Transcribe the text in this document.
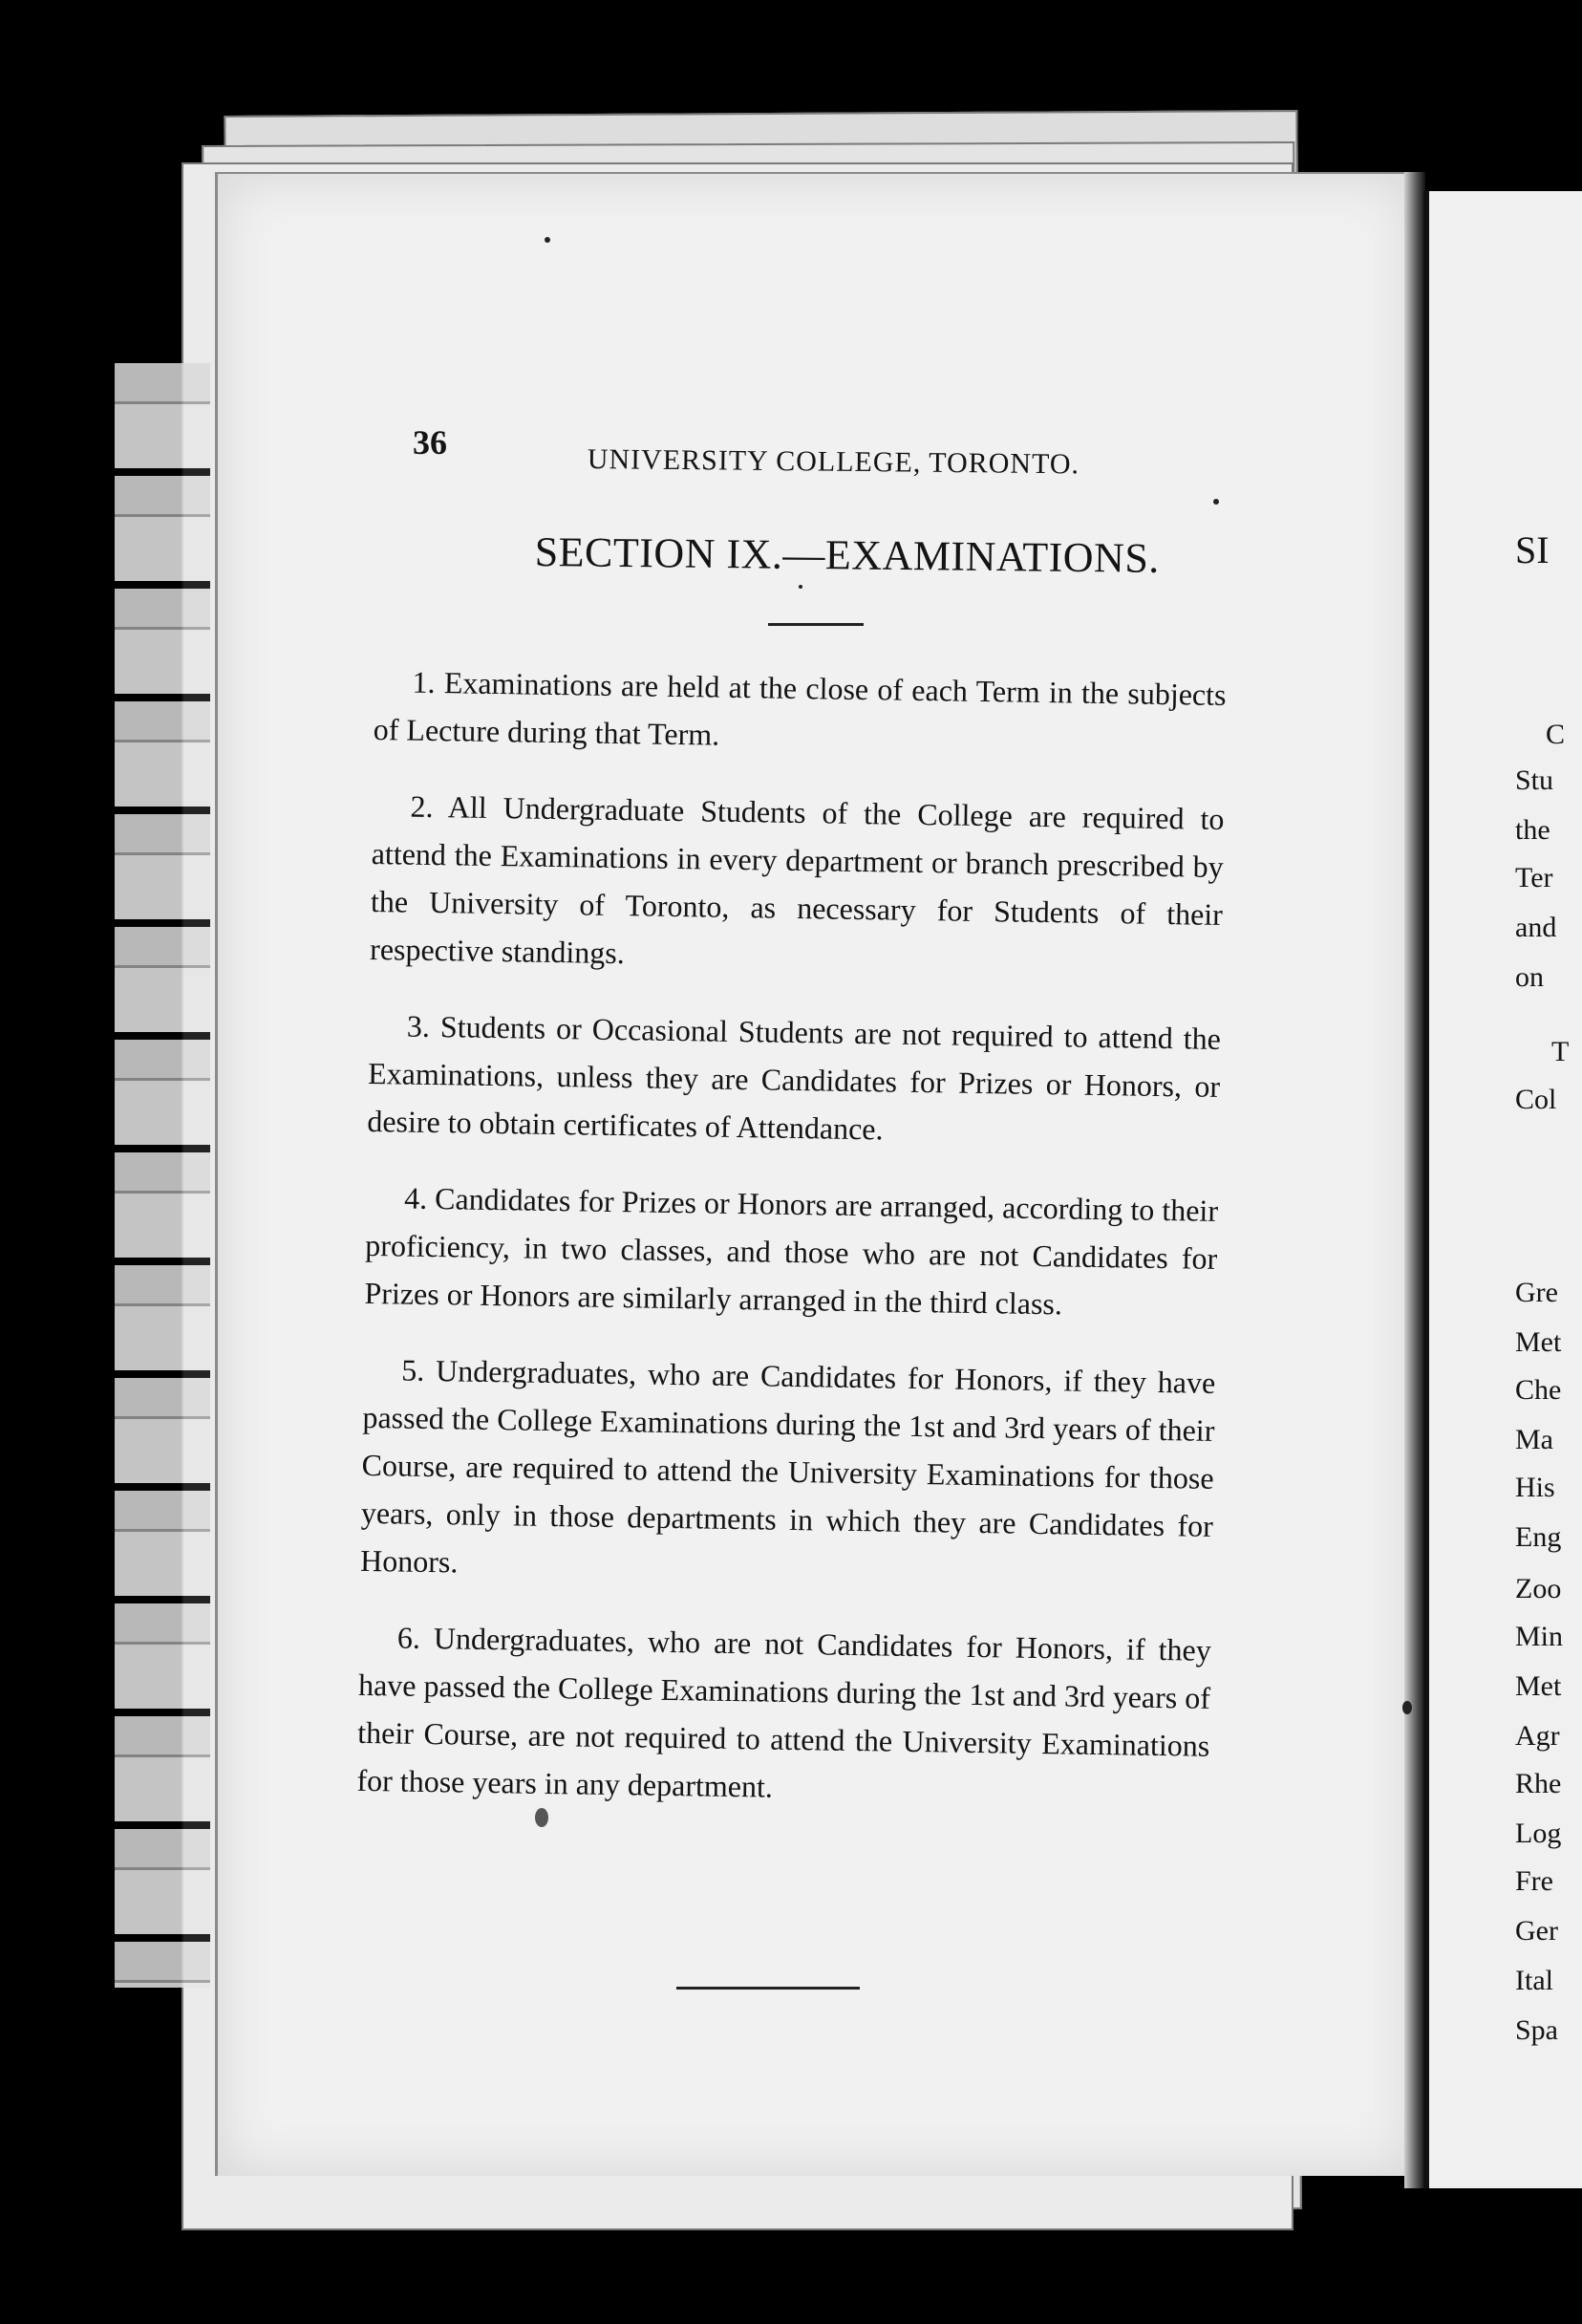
36
UNIVERSITY COLLEGE, TORONTO.
SECTION IX.—EXAMINATIONS.

1. Examinations are held at the close of each Term in the subjects of Lecture during that Term.

2. All Undergraduate Students of the College are required to attend the Examinations in every department or branch prescribed by the University of Toronto, as necessary for Students of their respective standings.

3. Students or Occasional Students are not required to attend the Examinations, unless they are Candidates for Prizes or Honors, or desire to obtain certificates of Attendance.

4. Candidates for Prizes or Honors are arranged, according to their proficiency, in two classes, and those who are not Candidates for Prizes or Honors are similarly arranged in the third class.

5. Undergraduates, who are Candidates for Honors, if they have passed the College Examinations during the 1st and 3rd years of their Course, are required to attend the University Examinations for those years, only in those departments in which they are Candidates for Honors.

6. Undergraduates, who are not Candidates for Honors, if they have passed the College Examinations during the 1st and 3rd years of their Course, are not required to attend the University Examinations for those years in any department.

SI
C
Stu
the
Ter
and
on
T
Col
Gre
Met
Che
Ma
His
Eng
Zoo
Min
Met
Agr
Rhe
Log
Fre
Ger
Ital
Spa
